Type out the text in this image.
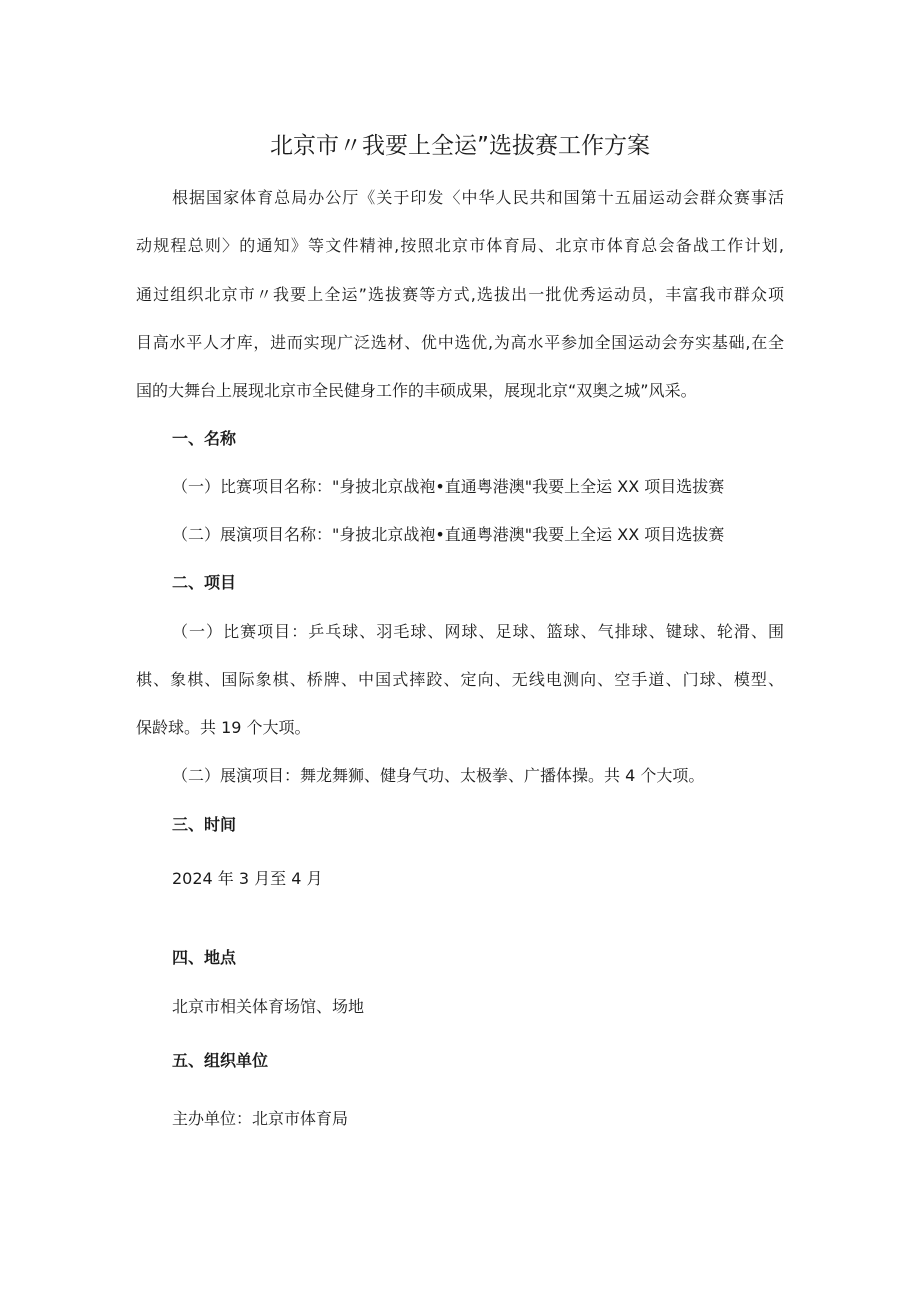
北京市〃我要上全运”选拔赛工作方案
根据国家体育总局办公厅《关于印发〈中华人民共和国第十五届运动会群众赛事活
动规程总则〉的通知》等文件精神,按照北京市体育局、北京市体育总会备战工作计划,
通过组织北京市〃我要上全运”选拔赛等方式,选拔出一批优秀运动员，丰富我市群众项
目高水平人才库，进而实现广泛选材、优中选优,为高水平参加全国运动会夯实基础,在全
国的大舞台上展现北京市全民健身工作的丰硕成果，展现北京“双奥之城”风采。
一、名称
（一）比赛项目名称："身披北京战袍•直通粤港澳"我要上全运 XX 项目选拔赛
（二）展演项目名称："身披北京战袍•直通粤港澳"我要上全运 XX 项目选拔赛
二、项目
（一）比赛项目：乒乓球、羽毛球、网球、足球、篮球、气排球、键球、轮滑、围
棋、象棋、国际象棋、桥牌、中国式摔跤、定向、无线电测向、空手道、门球、模型、
保龄球。共 19 个大项。
（二）展演项目：舞龙舞狮、健身气功、太极拳、广播体操。共 4 个大项。
三、时间
2024 年 3 月至 4 月
四、地点
北京市相关体育场馆、场地
五、组织单位
主办单位：北京市体育局
